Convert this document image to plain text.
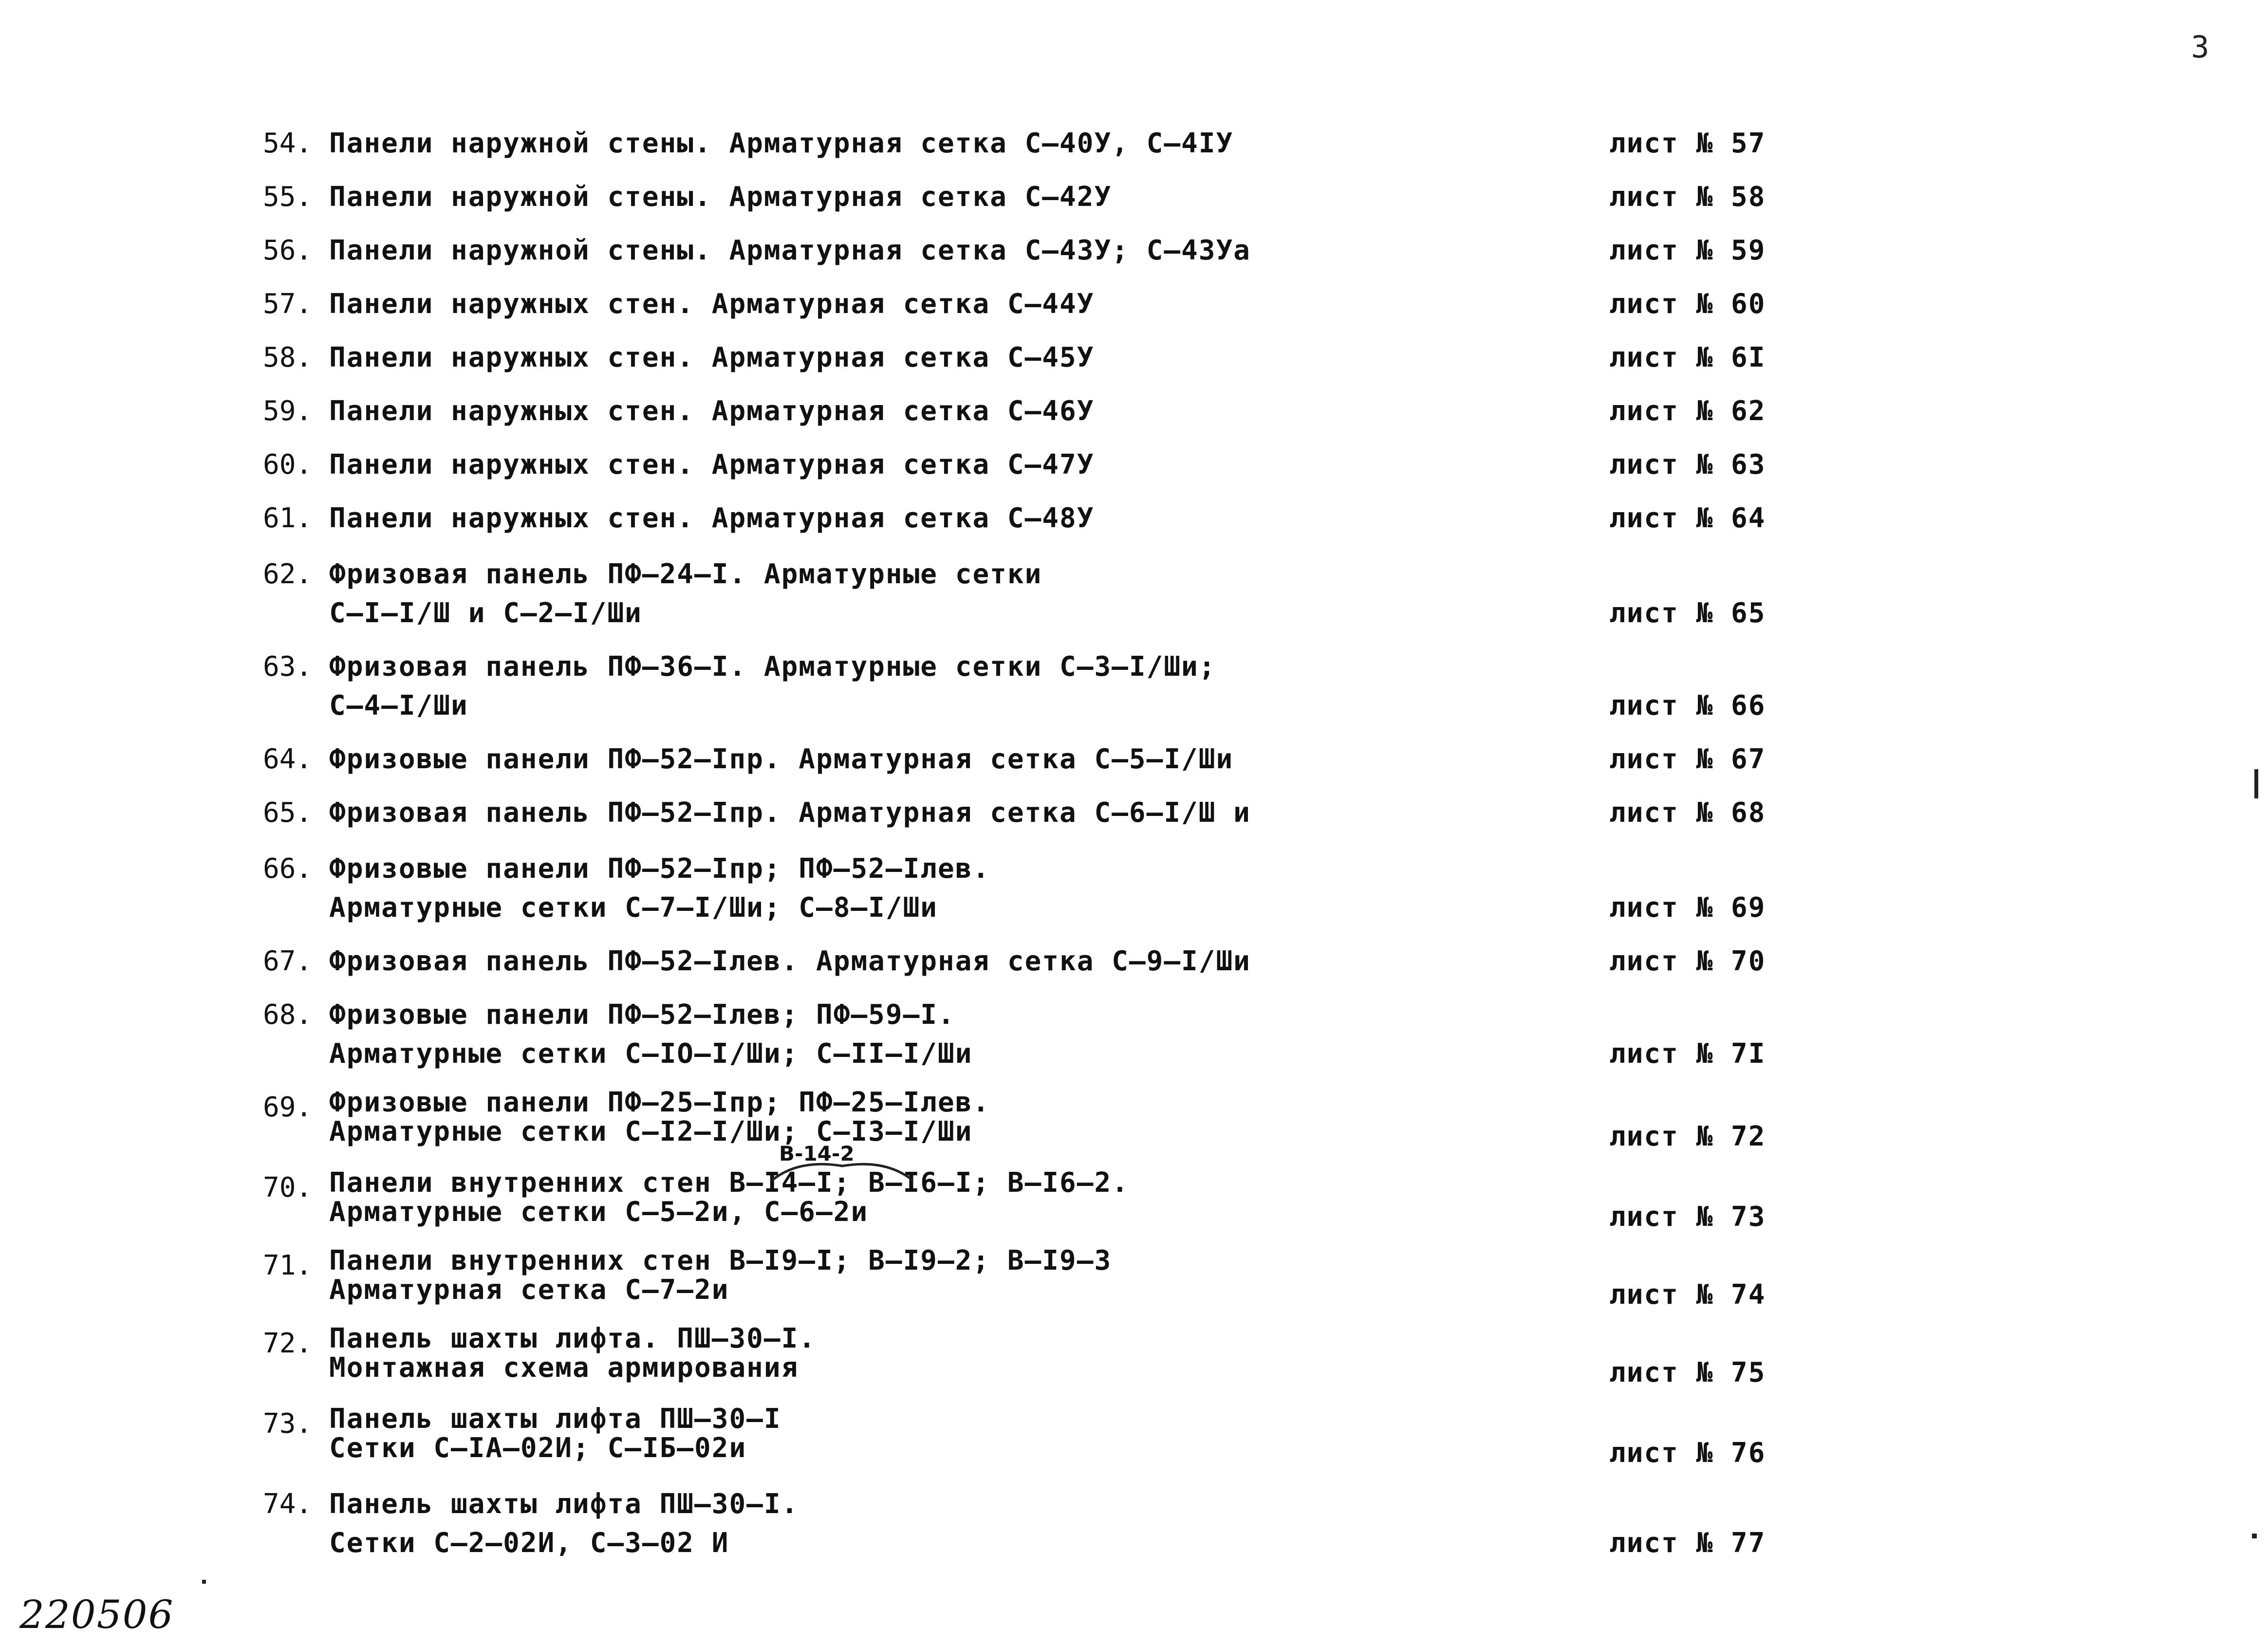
3
54. Панели наружной стены. Арматурная сетка С–40У, С–4IУ	лист № 57
55. Панели наружной стены. Арматурная сетка С–42У	лист № 58
56. Панели наружной стены. Арматурная сетка С–43У; С–43Уа	лист № 59
57. Панели наружных стен. Арматурная сетка С–44У	лист № 60
58. Панели наружных стен. Арматурная сетка С–45У	лист № 6I
59. Панели наружных стен. Арматурная сетка С–46У	лист № 62
60. Панели наружных стен. Арматурная сетка С–47У	лист № 63
61. Панели наружных стен. Арматурная сетка С–48У	лист № 64
62. Фризовая панель ПФ–24–I. Арматурные сетки
С–I–I/Ш и С–2–I/Ши	лист № 65
63. Фризовая панель ПФ–36–I. Арматурные сетки С–3–I/Ши;
С–4–I/Ши	лист № 66
64. Фризовые панели ПФ–52–Iпр. Арматурная сетка С–5–I/Ши	лист № 67
65. Фризовая панель ПФ–52–Iпр. Арматурная сетка С–6–I/Ш и	лист № 68
66. Фризовые панели ПФ–52–Iпр; ПФ–52–Iлев.
Арматурные сетки С–7–I/Ши; С–8–I/Ши	лист № 69
67. Фризовая панель ПФ–52–Iлев. Арматурная сетка С–9–I/Ши	лист № 70
68. Фризовые панели ПФ–52–Iлев; ПФ–59–I.
Арматурные сетки С–IO–I/Ши; С–II–I/Ши	лист № 7I
69. Фризовые панели ПФ–25–Iпр; ПФ–25–Iлев.
Арматурные сетки С–I2–I/Ши; С–I3–I/Ши	лист № 72
70. Панели внутренних стен В–I4–I; В–I6–I; В–I6–2.
Арматурные сетки С–5–2и, С–6–2и	лист № 73
71. Панели внутренних стен В–I9–I; В–I9–2; В–I9–3
Арматурная сетка С–7–2и	лист № 74
72. Панель шахты лифта. ПШ–30–I.
Монтажная схема армирования	лист № 75
73. Панель шахты лифта ПШ–30–I
Сетки С–IА–02И; С–IБ–02и	лист № 76
74. Панель шахты лифта ПШ–30–I.
Сетки С–2–02И, С–3–02 И	лист № 77
В-14-2
220506
